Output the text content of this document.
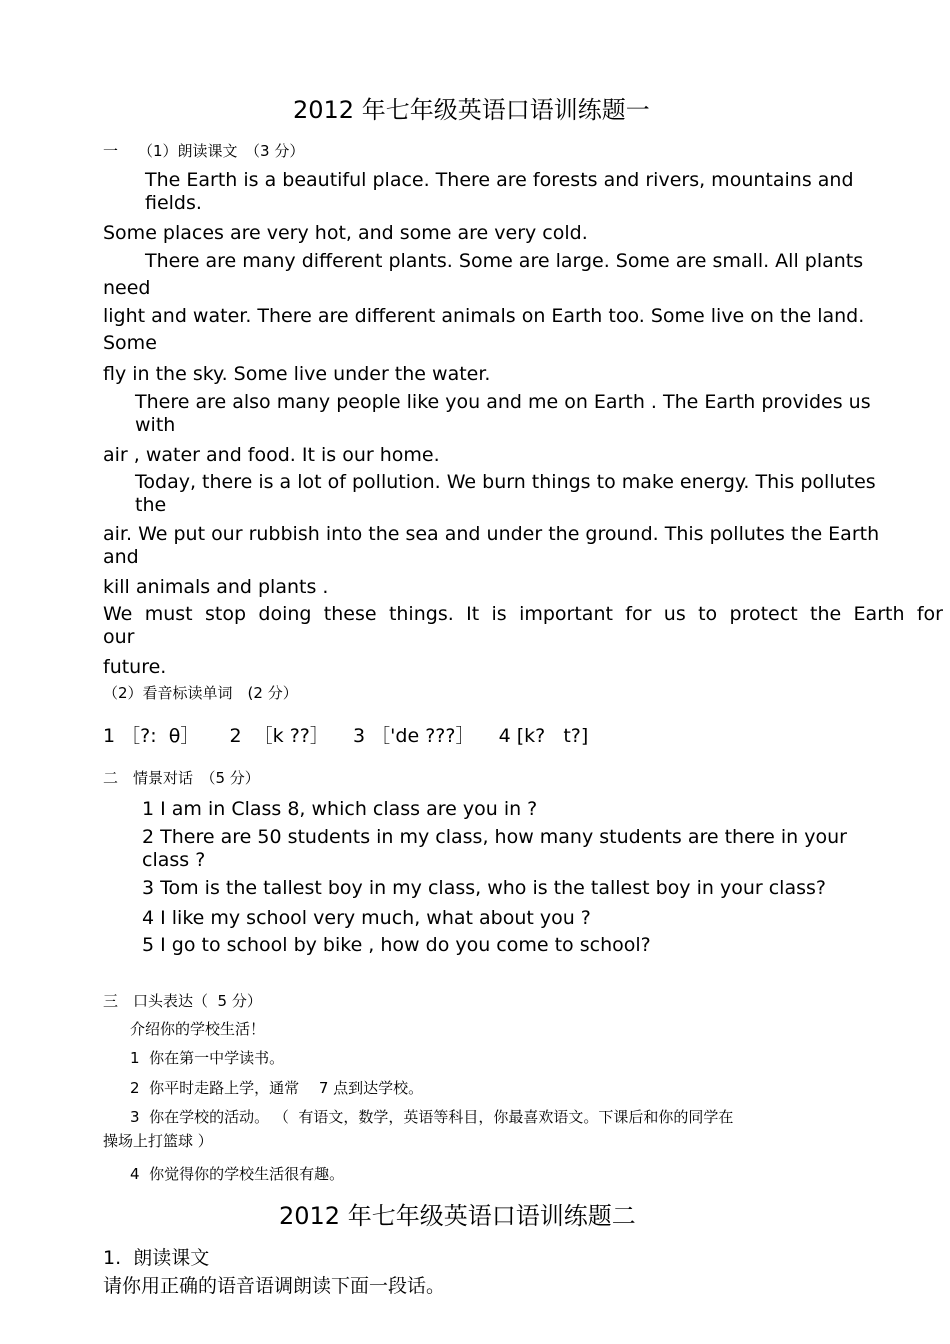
2012 年七年级英语口语训练题一
一 （1）朗读课文　（3 分）
The Earth is a beautiful place. There are forests and rivers, mountains and
fields.
Some places are very hot, and some are very cold.
There are many different plants. Some are large. Some are small. All plants
need
light and water. There are different animals on Earth too. Some live on the land.
Some
fly in the sky. Some live under the water.
There are also many people like you and me on Earth . The Earth provides us
with
air , water and food. It is our home.
Today, there is a lot of pollution. We burn things to make energy. This pollutes
the
air. We put our rubbish into the sea and under the ground. This pollutes the Earth
and
kill animals and plants .
We must stop doing these things. It is important for us to protect the Earth for
our
future.
（2）看音标读单词　(2 分）
1 ［?:  θ］     2  ［k ??］    3 ［'de ???］    4 [k?   t?]
二　情景对话　（5 分）
1 I am in Class 8, which class are you in ?
2 There are 50 students in my class, how many students are there in your
class ?
3 Tom is the tallest boy in my class, who is the tallest boy in your class?
4 I like my school very much, what about you ?
5 I go to school by bike , how do you come to school?
三　口头表达（  5 分）
介绍你的学校生活！
1  你在第一中学读书。
2  你平时走路上学，通常　 7 点到达学校。
3  你在学校的活动。 （  有语文，数学，英语等科目，你最喜欢语文。下课后和你的同学在
操场上打篮球 ）
4  你觉得你的学校生活很有趣。
2012 年七年级英语口语训练题二
1.  朗读课文
请你用正确的语音语调朗读下面一段话。
